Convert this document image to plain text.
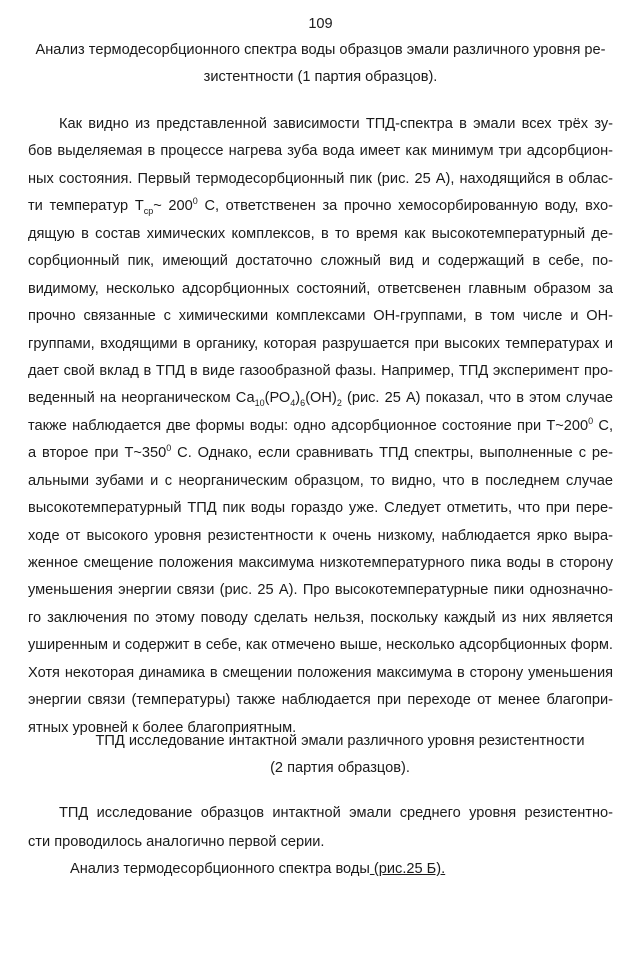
109
Анализ термодесорбционного спектра воды образцов эмали различного уровня ре-
зистентности (1 партия образцов).
Как видно из представленной зависимости ТПД-спектра в эмали всех трёх зу-
бов выделяемая в процессе нагрева зуба вода имеет как минимум три адсорбцион-
ных состояния. Первый термодесорбционный пик (рис. 25 А), находящийся в облас-
ти температур $Т_{ср}\sim$ $200^0$ С, ответственен за прочно хемосорбированную воду, вхо-
дящую в состав химических комплексов, в то время как высокотемпературный де-
сорбционный пик, имеющий достаточно сложный вид и содержащий в себе, по-
видимому, несколько адсорбционных состояний, ответсвенен главным образом за
прочно связанные с химическими комплексами ОН-группами, в том числе и ОН-
группами, входящими в органику, которая разрушается при высоких температурах и
дает свой вклад в ТПД в виде газообразной фазы. Например, ТПД эксперимент про-
веденный на неорганическом $Са_{10}(РО_4)_6(ОН)_2$ (рис. 25 А) показал, что в этом случае
также наблюдается две формы воды: одно адсорбционное состояние при $Т\sim 200^0$ С,
а второе при $Т\sim 350^0$ С. Однако, если сравнивать ТПД спектры, выполненные с ре-
альными зубами и с неорганическим образцом, то видно, что в последнем случае
высокотемпературный ТПД пик воды гораздо уже. Следует отметить, что при пере-
ходе от высокого уровня резистентности к очень низкому, наблюдается ярко выра-
женное смещение положения максимума низкотемпературного пика воды в сторону
уменьшения энергии связи (рис. 25 А). Про высокотемпературные пики однозначно-
го заключения по этому поводу сделать нельзя, поскольку каждый из них является
уширенным и содержит в себе, как отмечено выше, несколько адсорбционных форм.
Хотя некоторая динамика в смещении положения максимума в сторону уменьшения
энергии связи (температуры) также наблюдается при переходе от менее благопри-
ятных уровней к более благоприятным.
ТПД исследование интактной эмали различного уровня резистентности
(2 партия образцов).
ТПД исследование образцов интактной эмали среднего уровня резистентно-
сти проводилось аналогично первой серии.
Анализ термодесорбционного спектра воды (рис.25 Б).
